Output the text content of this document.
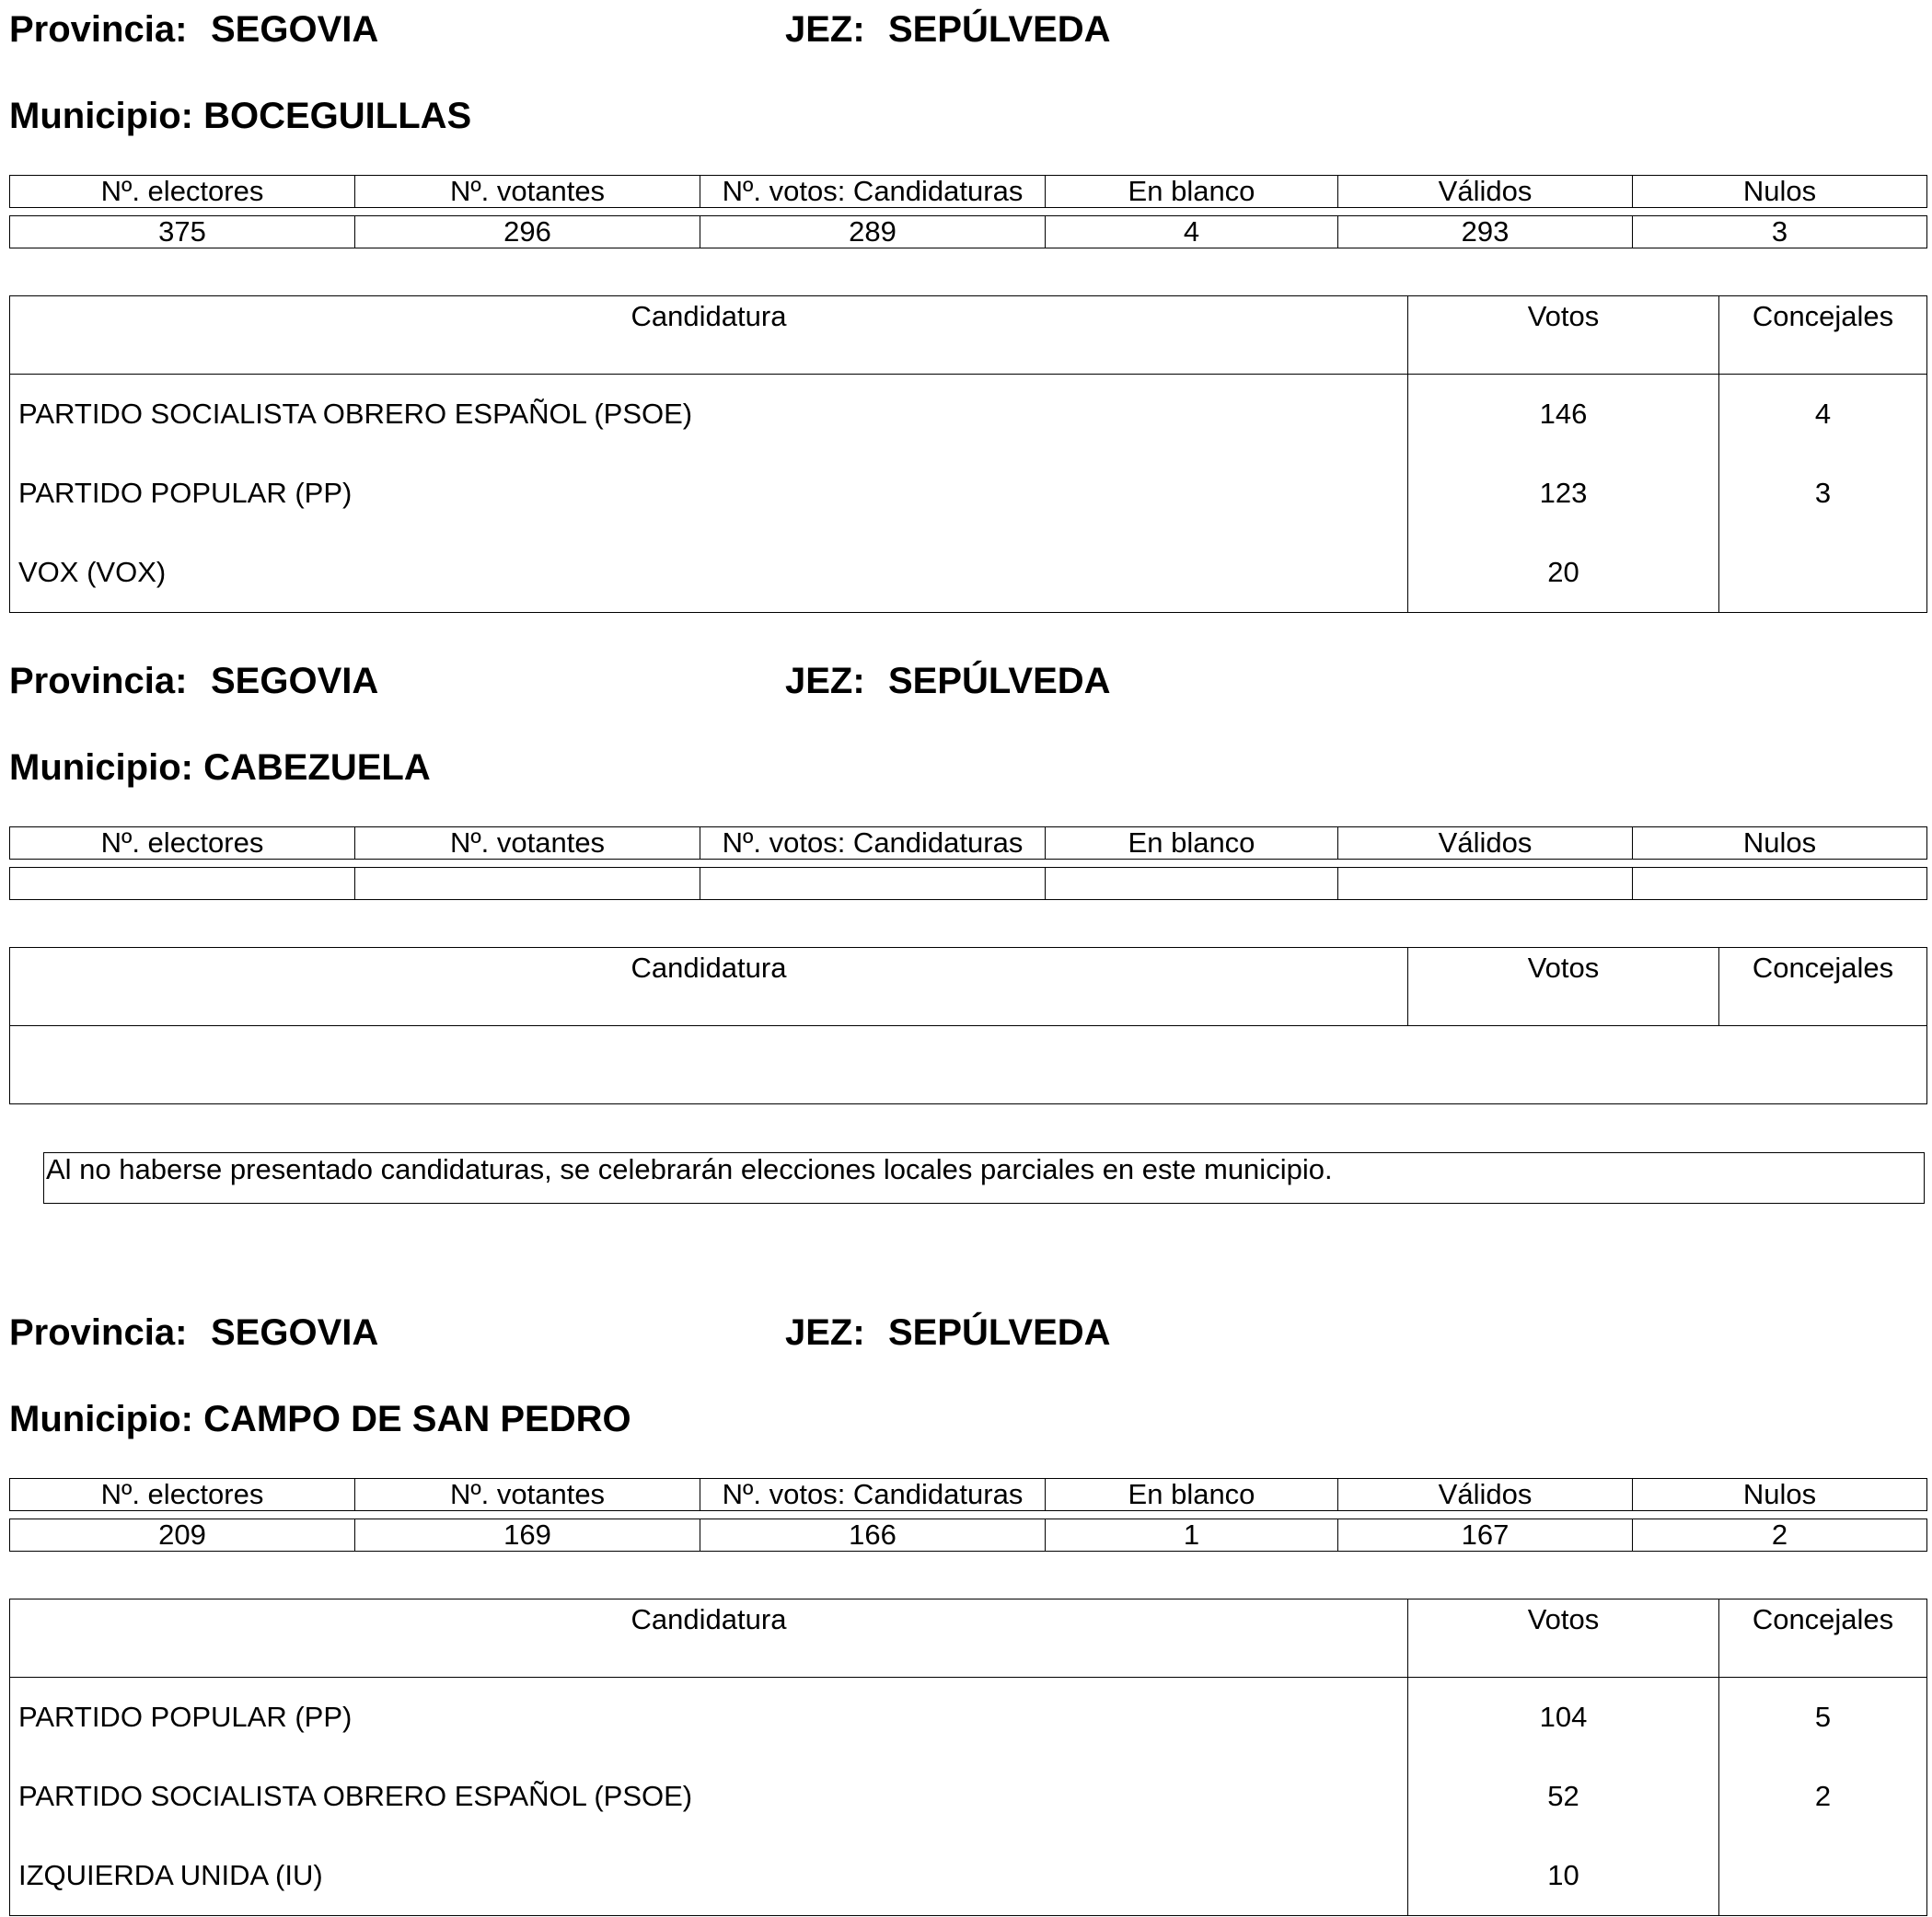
Provincia: SEGOVIA	JEZ: SEPÚLVEDA
Municipio: BOCEGUILLAS
Nº. electores	Nº. votantes	Nº. votos: Candidaturas	En blanco	Válidos	Nulos

375	296	289	4	293	3
Candidatura	Votos	Concejales
PARTIDO SOCIALISTA OBRERO ESPAÑOL (PSOE)	146	4
PARTIDO POPULAR (PP)	123	3
VOX (VOX)	20	
Provincia: SEGOVIA	JEZ: SEPÚLVEDA
Municipio: CABEZUELA
Nº. electores	Nº. votantes	Nº. votos: Candidaturas	En blanco	Válidos	Nulos

Candidatura	Votos	Concejales

Al no haberse presentado candidaturas, se celebrarán elecciones locales parciales en este municipio.
Provincia: SEGOVIA	JEZ: SEPÚLVEDA
Municipio: CAMPO DE SAN PEDRO
Nº. electores	Nº. votantes	Nº. votos: Candidaturas	En blanco	Válidos	Nulos

209	169	166	1	167	2
Candidatura	Votos	Concejales
PARTIDO POPULAR (PP)	104	5
PARTIDO SOCIALISTA OBRERO ESPAÑOL (PSOE)	52	2
IZQUIERDA UNIDA (IU)	10	
